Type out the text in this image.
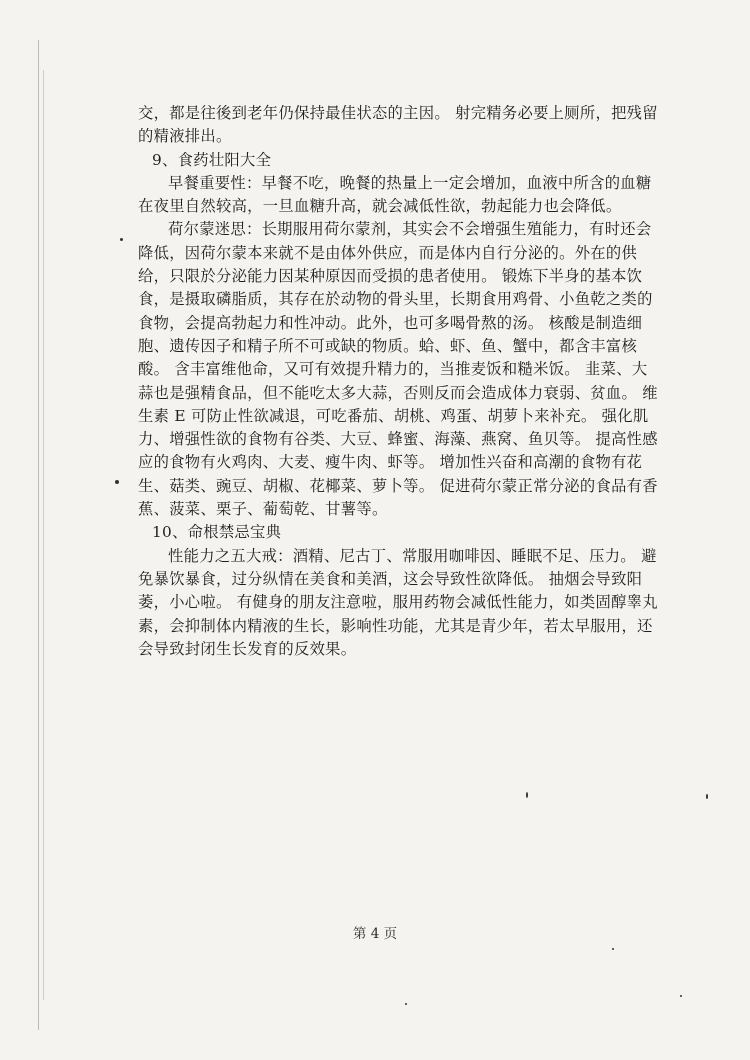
交，都是往後到老年仍保持最佳状态的主因。 射完精务必要上厕所，把残留
的精液排出。
9、食药壮阳大全
早餐重要性：早餐不吃，晚餐的热量上一定会增加，血液中所含的血糖
在夜里自然较高，一旦血糖升高，就会减低性欲，勃起能力也会降低。
荷尔蒙迷思：长期服用荷尔蒙剂，其实会不会增强生殖能力，有时还会
降低，因荷尔蒙本来就不是由体外供应，而是体内自行分泌的。外在的供
给，只限於分泌能力因某种原因而受损的患者使用。 锻炼下半身的基本饮
食，是摄取磷脂质，其存在於动物的骨头里，长期食用鸡骨、小鱼乾之类的
食物，会提高勃起力和性冲动。此外，也可多喝骨熬的汤。 核酸是制造细
胞、遗传因子和精子所不可或缺的物质。蛤、虾、鱼、蟹中，都含丰富核
酸。 含丰富维他命，又可有效提升精力的，当推麦饭和糙米饭。 韭菜、大
蒜也是强精食品，但不能吃太多大蒜，否则反而会造成体力衰弱、贫血。 维
生素 E 可防止性欲减退，可吃番茄、胡桃、鸡蛋、胡萝卜来补充。 强化肌
力、增强性欲的食物有谷类、大豆、蜂蜜、海藻、燕窝、鱼贝等。 提高性感
应的食物有火鸡肉、大麦、瘦牛肉、虾等。 增加性兴奋和高潮的食物有花
生、菇类、豌豆、胡椒、花椰菜、萝卜等。 促进荷尔蒙正常分泌的食品有香
蕉、菠菜、栗子、葡萄乾、甘薯等。
10、命根禁忌宝典
性能力之五大戒：酒精、尼古丁、常服用咖啡因、睡眠不足、压力。 避
免暴饮暴食，过分纵情在美食和美酒，这会导致性欲降低。 抽烟会导致阳
萎，小心啦。 有健身的朋友注意啦，服用药物会减低性能力，如类固醇睾丸
素，会抑制体内精液的生长，影响性功能，尤其是青少年，若太早服用，还
会导致封闭生长发育的反效果。
第 4 页
